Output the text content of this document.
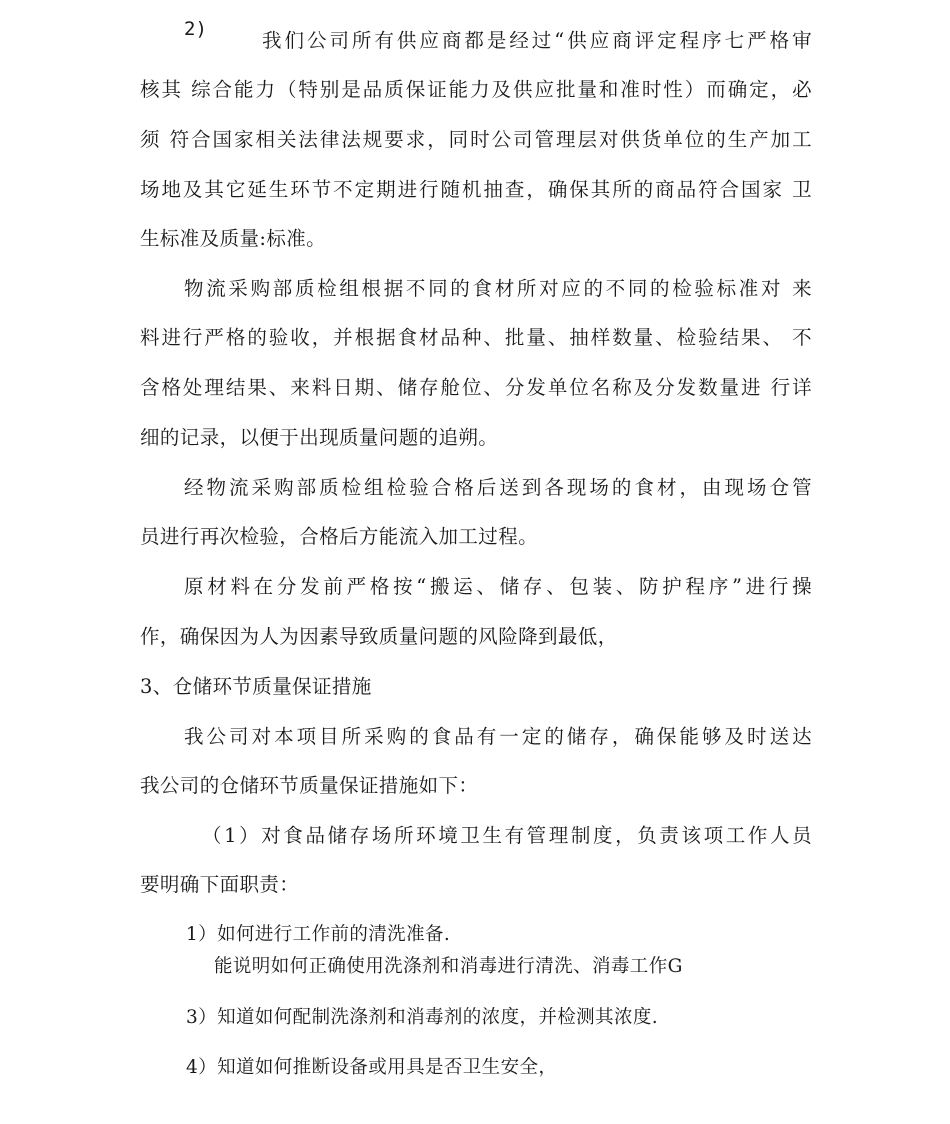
2)	我们公司所有供应商都是经过“供应商评定程序七严格审
核其 综合能力（特别是品质保证能力及供应批量和准时性）而确定，必
须 符合国家相关法律法规要求，同时公司管理层对供货单位的生产加工
场地及其它延生环节不定期进行随机抽查，确保其所的商品符合国家 卫
生标准及质量:标准。
物流采购部质检组根据不同的食材所对应的不同的检验标准对 来
料进行严格的验收，并根据食材品种、批量、抽样数量、检验结果、 不
含格处理结果、来料日期、储存舱位、分发单位名称及分发数量进 行详
细的记录，以便于出现质量问题的追朔。
经物流采购部质检组检验合格后送到各现场的食材，由现场仓管
员进行再次检验，合格后方能流入加工过程。
原材料在分发前严格按“搬运、储存、包装、防护程序”进行操
作，确保因为人为因素导致质量问题的风险降到最低，
3、仓储环节质量保证措施
我公司对本项目所采购的食品有一定的储存，确保能够及时送达
我公司的仓储环节质量保证措施如下：
（1）对食品储存场所环境卫生有管理制度，负责该项工作人员
要明确下面职责：
1）如何进行工作前的清洗准备.
能说明如何正确使用洗涤剂和消毒进行清洗、消毒工作G
3）知道如何配制洗涤剂和消毒剂的浓度，并检测其浓度.
4）知道如何推断设备或用具是否卫生安全，
